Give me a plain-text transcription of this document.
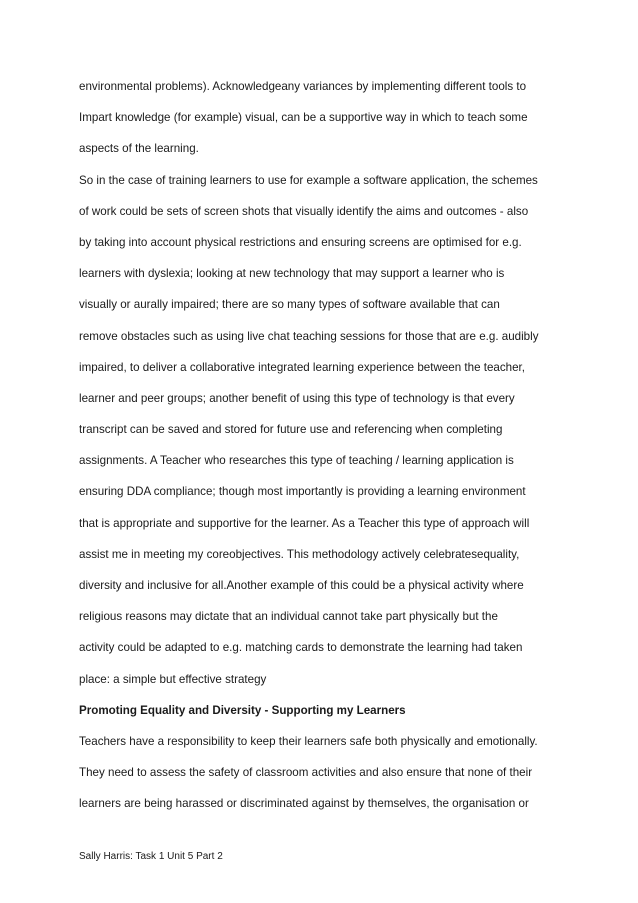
environmental problems). Acknowledgeany variances by implementing different tools to
Impart knowledge (for example) visual, can be a supportive way in which to teach some
aspects of the learning.
So in the case of training learners to use for example a software application, the schemes
of work could be sets of screen shots that visually identify the aims and outcomes - also
by taking into account physical restrictions and ensuring screens are optimised for e.g.
learners with dyslexia; looking at new technology that may support a learner who is
visually or aurally impaired; there are so many types of software available that can
remove obstacles such as using live chat teaching sessions for those that are e.g. audibly
impaired, to deliver a collaborative integrated learning experience between the teacher,
learner and peer groups; another benefit of using this type of technology is that every
transcript can be saved and stored for future use and referencing when completing
assignments. A Teacher who researches this type of teaching / learning application is
ensuring DDA compliance; though most importantly is providing a learning environment
that is appropriate and supportive for the learner. As a Teacher this type of approach will
assist me in meeting my coreobjectives. This methodology actively celebratesequality,
diversity and inclusive for all.Another example of this could be a physical activity where
religious reasons may dictate that an individual cannot take part physically but the
activity could be adapted to e.g. matching cards to demonstrate the learning had taken
place: a simple but effective strategy
Promoting Equality and Diversity - Supporting my Learners
Teachers have a responsibility to keep their learners safe both physically and emotionally.
They need to assess the safety of classroom activities and also ensure that none of their
learners are being harassed or discriminated against by themselves, the organisation or
Sally Harris: Task 1 Unit 5 Part 2
